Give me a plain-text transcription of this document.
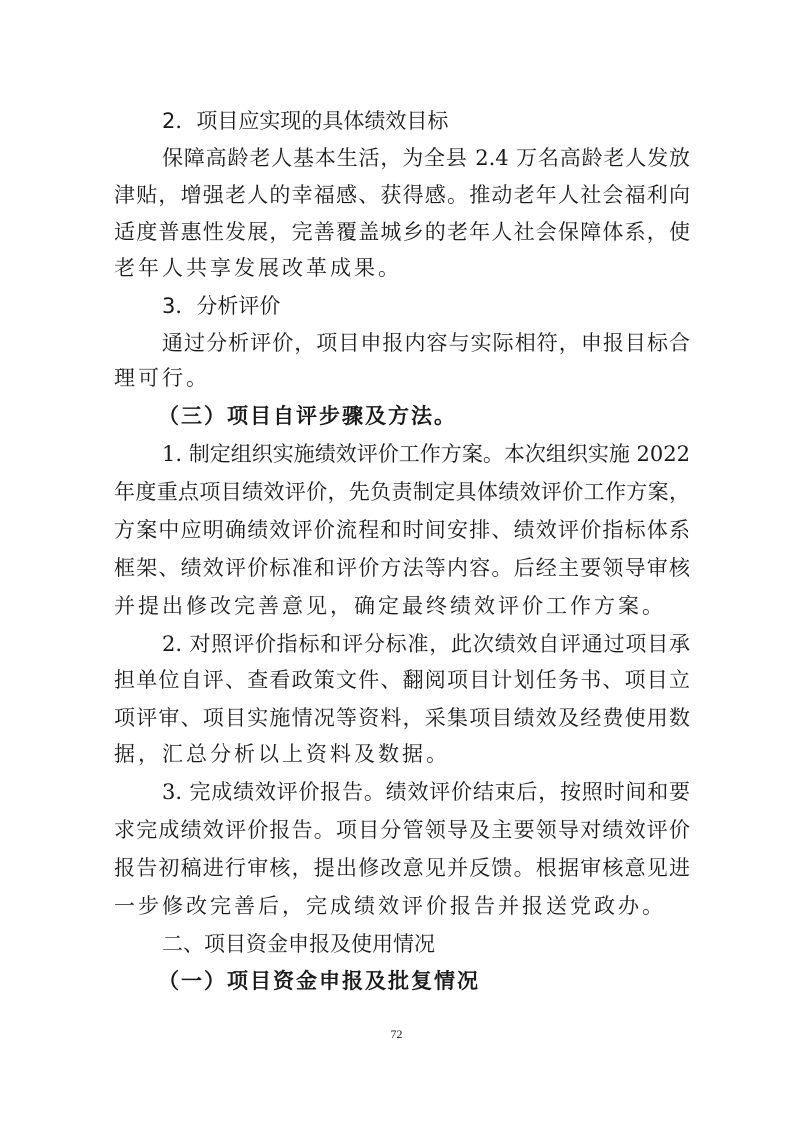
2．项目应实现的具体绩效目标
保障高龄老人基本生活，为全县 2.4 万名高龄老人发放
津贴，增强老人的幸福感、获得感。推动老年人社会福利向
适度普惠性发展，完善覆盖城乡的老年人社会保障体系，使
老年人共享发展改革成果。
3．分析评价
通过分析评价，项目申报内容与实际相符，申报目标合
理可行。
（三）项目自评步骤及方法。
1. 制定组织实施绩效评价工作方案。本次组织实施 2022
年度重点项目绩效评价，先负责制定具体绩效评价工作方案，
方案中应明确绩效评价流程和时间安排、绩效评价指标体系
框架、绩效评价标准和评价方法等内容。后经主要领导审核
并提出修改完善意见，确定最终绩效评价工作方案。
2. 对照评价指标和评分标准，此次绩效自评通过项目承
担单位自评、查看政策文件、翻阅项目计划任务书、项目立
项评审、项目实施情况等资料，采集项目绩效及经费使用数
据，汇总分析以上资料及数据。
3. 完成绩效评价报告。绩效评价结束后，按照时间和要
求完成绩效评价报告。项目分管领导及主要领导对绩效评价
报告初稿进行审核，提出修改意见并反馈。根据审核意见进
一步修改完善后，完成绩效评价报告并报送党政办。
二、项目资金申报及使用情况
（一）项目资金申报及批复情况
72
